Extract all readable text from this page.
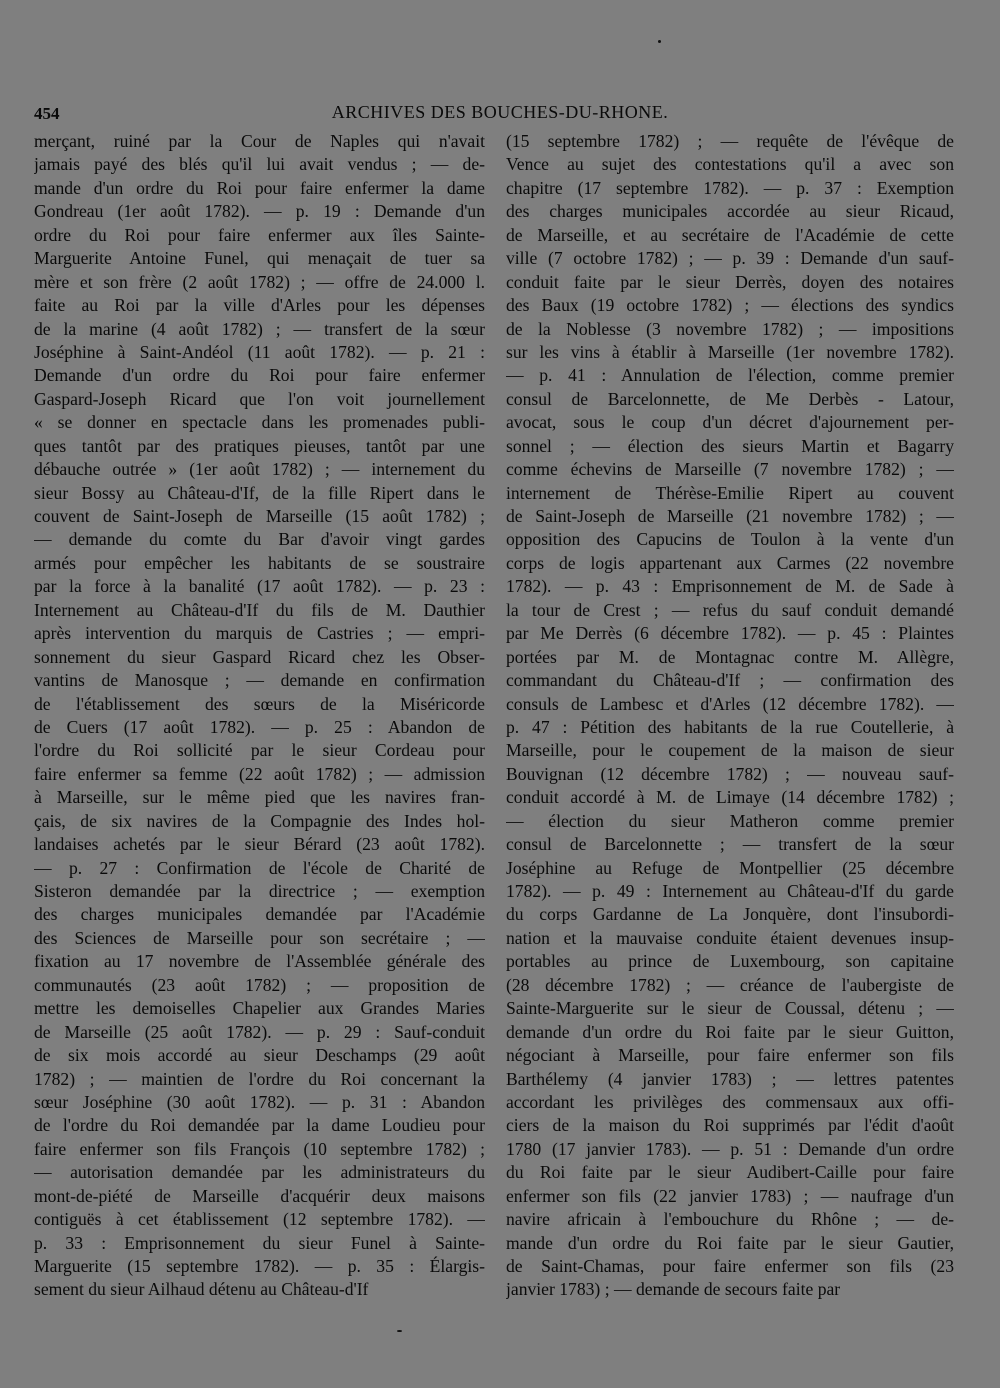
454	ARCHIVES DES BOUCHES-DU-RHONE.
merçant, ruiné par la Cour de Naples qui n'avait
jamais payé des blés qu'il lui avait vendus ; — de-
mande d'un ordre du Roi pour faire enfermer la dame
Gondreau (1er août 1782). — p. 19 : Demande d'un
ordre du Roi pour faire enfermer aux îles Sainte-
Marguerite Antoine Funel, qui menaçait de tuer sa
mère et son frère (2 août 1782) ; — offre de 24.000 l.
faite au Roi par la ville d'Arles pour les dépenses
de la marine (4 août 1782) ; — transfert de la sœur
Joséphine à Saint-Andéol (11 août 1782). — p. 21 :
Demande d'un ordre du Roi pour faire enfermer
Gaspard-Joseph Ricard que l'on voit journellement
« se donner en spectacle dans les promenades publi-
ques tantôt par des pratiques pieuses, tantôt par une
débauche outrée » (1er août 1782) ; — internement du
sieur Bossy au Château-d'If, de la fille Ripert dans le
couvent de Saint-Joseph de Marseille (15 août 1782) ;
— demande du comte du Bar d'avoir vingt gardes
armés pour empêcher les habitants de se soustraire
par la force à la banalité (17 août 1782). — p. 23 :
Internement au Château-d'If du fils de M. Dauthier
après intervention du marquis de Castries ; — empri-
sonnement du sieur Gaspard Ricard chez les Obser-
vantins de Manosque ; — demande en confirmation
de l'établissement des sœurs de la Miséricorde
de Cuers (17 août 1782). — p. 25 : Abandon de
l'ordre du Roi sollicité par le sieur Cordeau pour
faire enfermer sa femme (22 août 1782) ; — admission
à Marseille, sur le même pied que les navires fran-
çais, de six navires de la Compagnie des Indes hol-
landaises achetés par le sieur Bérard (23 août 1782).
— p. 27 : Confirmation de l'école de Charité de
Sisteron demandée par la directrice ; — exemption
des charges municipales demandée par l'Académie
des Sciences de Marseille pour son secrétaire ; —
fixation au 17 novembre de l'Assemblée générale des
communautés (23 août 1782) ; — proposition de
mettre les demoiselles Chapelier aux Grandes Maries
de Marseille (25 août 1782). — p. 29 : Sauf-conduit
de six mois accordé au sieur Deschamps (29 août
1782) ; — maintien de l'ordre du Roi concernant la
sœur Joséphine (30 août 1782). — p. 31 : Abandon
de l'ordre du Roi demandée par la dame Loudieu pour
faire enfermer son fils François (10 septembre 1782) ;
— autorisation demandée par les administrateurs du
mont-de-piété de Marseille d'acquérir deux maisons
contiguës à cet établissement (12 septembre 1782). —
p. 33 : Emprisonnement du sieur Funel à Sainte-
Marguerite (15 septembre 1782). — p. 35 : Élargis-
sement du sieur Ailhaud détenu au Château-d'If
(15 septembre 1782) ; — requête de l'évêque de
Vence au sujet des contestations qu'il a avec son
chapitre (17 septembre 1782). — p. 37 : Exemption
des charges municipales accordée au sieur Ricaud,
de Marseille, et au secrétaire de l'Académie de cette
ville (7 octobre 1782) ; — p. 39 : Demande d'un sauf-
conduit faite par le sieur Derrès, doyen des notaires
des Baux (19 octobre 1782) ; — élections des syndics
de la Noblesse (3 novembre 1782) ; — impositions
sur les vins à établir à Marseille (1er novembre 1782).
— p. 41 : Annulation de l'élection, comme premier
consul de Barcelonnette, de Me Derbès - Latour,
avocat, sous le coup d'un décret d'ajournement per-
sonnel ; — élection des sieurs Martin et Bagarry
comme échevins de Marseille (7 novembre 1782) ; —
internement de Thérèse-Emilie Ripert au couvent
de Saint-Joseph de Marseille (21 novembre 1782) ; —
opposition des Capucins de Toulon à la vente d'un
corps de logis appartenant aux Carmes (22 novembre
1782). — p. 43 : Emprisonnement de M. de Sade à
la tour de Crest ; — refus du sauf conduit demandé
par Me Derrès (6 décembre 1782). — p. 45 : Plaintes
portées par M. de Montagnac contre M. Allègre,
commandant du Château-d'If ; — confirmation des
consuls de Lambesc et d'Arles (12 décembre 1782). —
p. 47 : Pétition des habitants de la rue Coutellerie, à
Marseille, pour le coupement de la maison de sieur
Bouvignan (12 décembre 1782) ; — nouveau sauf-
conduit accordé à M. de Limaye (14 décembre 1782) ;
— élection du sieur Matheron comme premier
consul de Barcelonnette ; — transfert de la sœur
Joséphine au Refuge de Montpellier (25 décembre
1782). — p. 49 : Internement au Château-d'If du garde
du corps Gardanne de La Jonquère, dont l'insubordi-
nation et la mauvaise conduite étaient devenues insup-
portables au prince de Luxembourg, son capitaine
(28 décembre 1782) ; — créance de l'aubergiste de
Sainte-Marguerite sur le sieur de Coussal, détenu ; —
demande d'un ordre du Roi faite par le sieur Guitton,
négociant à Marseille, pour faire enfermer son fils
Barthélemy (4 janvier 1783) ; — lettres patentes
accordant les privilèges des commensaux aux offi-
ciers de la maison du Roi supprimés par l'édit d'août
1780 (17 janvier 1783). — p. 51 : Demande d'un ordre
du Roi faite par le sieur Audibert-Caille pour faire
enfermer son fils (22 janvier 1783) ; — naufrage d'un
navire africain à l'embouchure du Rhône ; — de-
mande d'un ordre du Roi faite par le sieur Gautier,
de Saint-Chamas, pour faire enfermer son fils (23
janvier 1783) ; — demande de secours faite par
